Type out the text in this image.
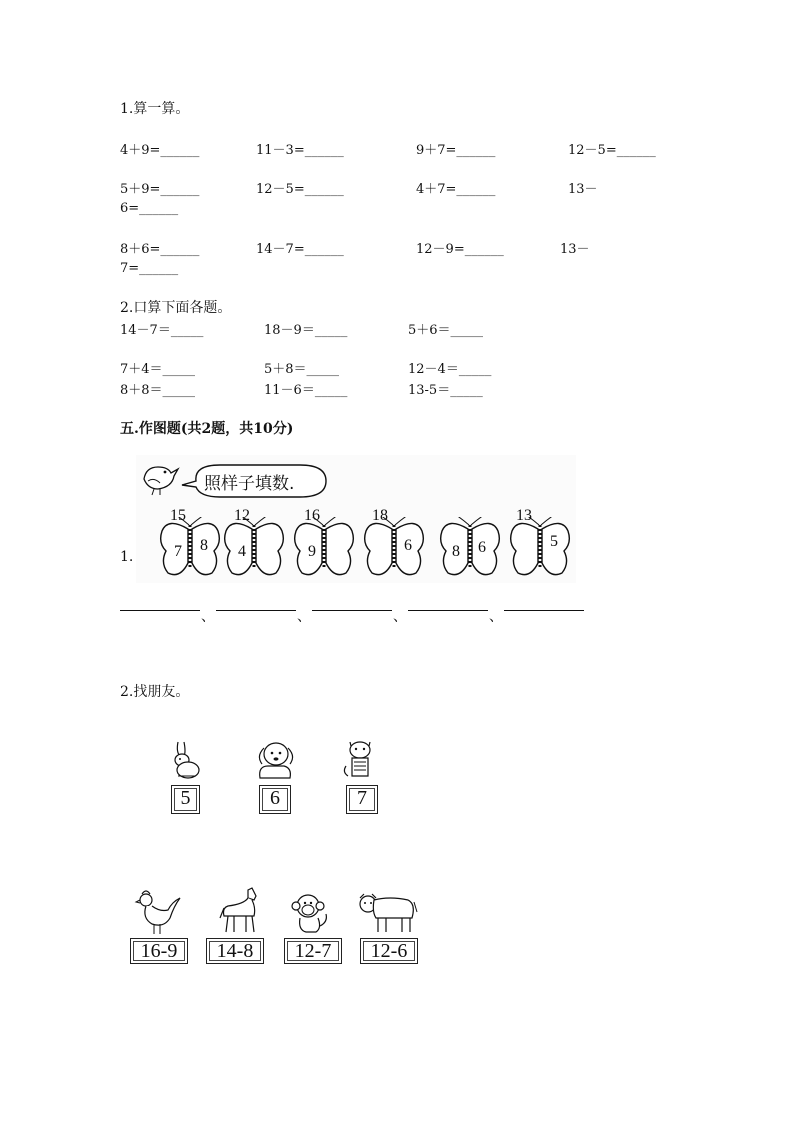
1.算一算。
4＋9=______	11－3=______	9＋7=______	12－5=______
5＋9=______	12－5=______	4＋7=______	13－
6=______
8＋6=______	14－7=______	12－9=______	13－
7=______
2.口算下面各题。
14－7＝_____	18－9＝_____	5＋6＝_____
7＋4＝_____	5＋8＝_____	12－4＝_____
8＋8＝_____	11－6＝_____	13-5＝_____
五.作图题(共2题，共10分)
照样子填数.
15
7 8
12
4
16
9
18
6	8 6
13
5
1.
、	、	、	、
2.找朋友。
5	6	7
16-9	14-8	12-7	12-6
